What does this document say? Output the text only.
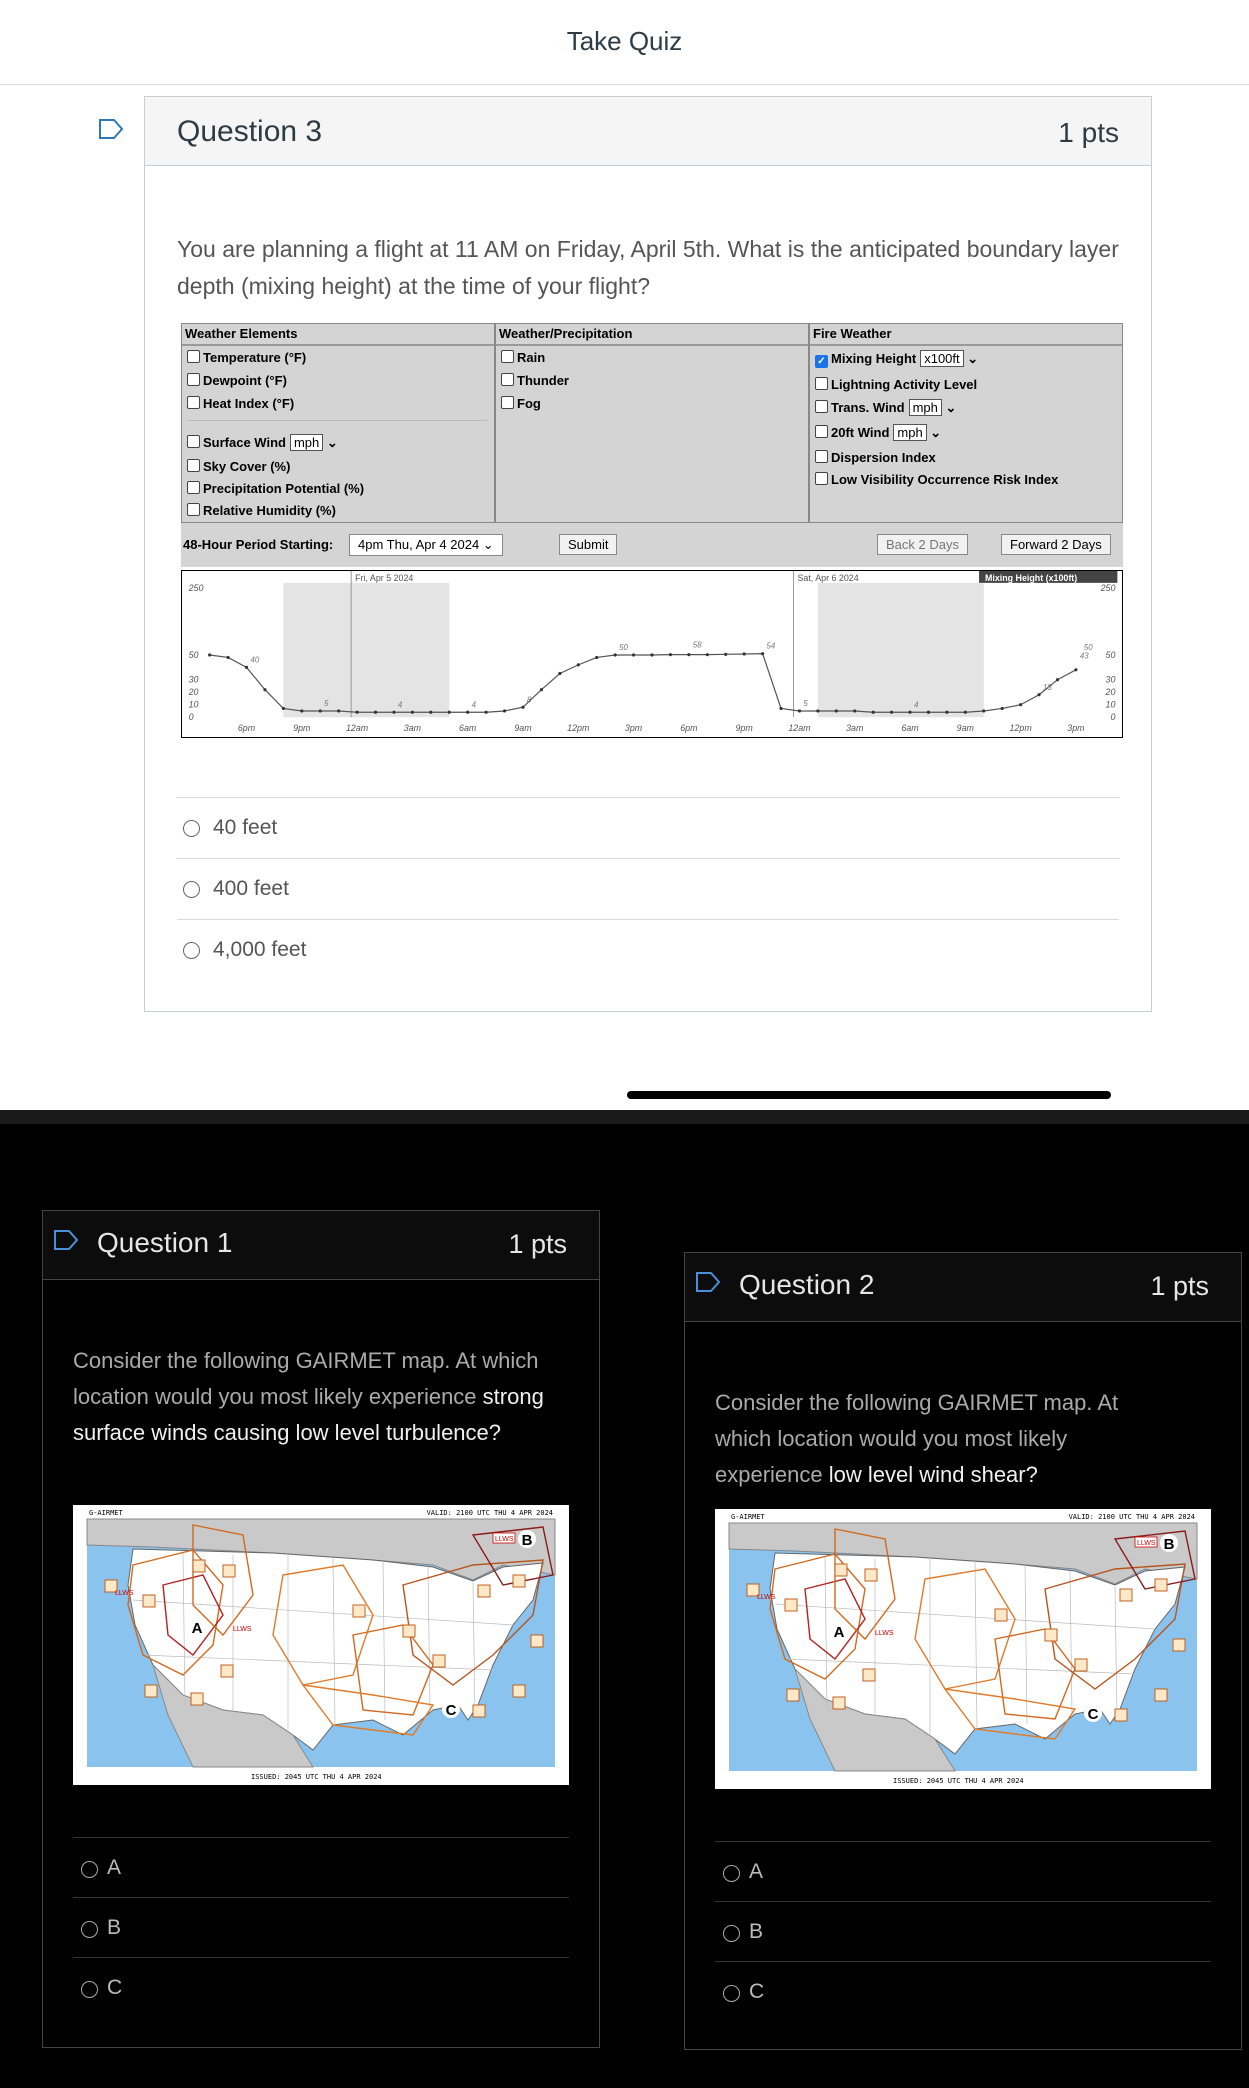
Take Quiz
Question 3	1 pts
You are planning a flight at 11 AM on Friday, April 5th. What is the anticipated boundary layer depth (mixing height) at the time of your flight?
Weather Elements
Temperature (°F)
Dewpoint (°F)
Heat Index (°F)
Surface Wind mph ⌄
Sky Cover (%)
Precipitation Potential (%)
Relative Humidity (%)
Weather/Precipitation
Rain
Thunder
Fog
Fire Weather
✓ Mixing Height x100ft ⌄
Lightning Activity Level
Trans. Wind mph ⌄
20ft Wind mph ⌄
Dispersion Index
Low Visibility Occurrence Risk Index
48-Hour Period Starting:	4pm Thu, Apr 4 2024 ⌄	Submit	Back 2 Days	Forward 2 Days
Fri, Apr 5 2024	Sat, Apr 6 2024	Mixing Height (x100ft)
250	250
50	50
30	30
20	20
10	10
0	0
6pm	9pm	12am	3am	6am	9am	12pm	3pm	6pm	9pm	12am	3am	6am	9am	12pm	3pm
40
5	4	4
8
50	58	54
5	4
18
43
50
40 feet
400 feet
4,000 feet
Question 1	1 pts
Consider the following GAIRMET map. At which location would you most likely experience strong surface winds causing low level turbulence?
G-AIRMET	VALID: 2100 UTC THU 4 APR 2024
ISSUED: 2045 UTC THU 4 APR 2024
LLWS
LLWS
LLWS
A
B
C
A
B
C
Question 2	1 pts
Consider the following GAIRMET map. At which location would you most likely experience low level wind shear?
G-AIRMET	VALID: 2100 UTC THU 4 APR 2024
ISSUED: 2045 UTC THU 4 APR 2024
LLWS
LLWS
LLWS
A
B
C
A
B
C
